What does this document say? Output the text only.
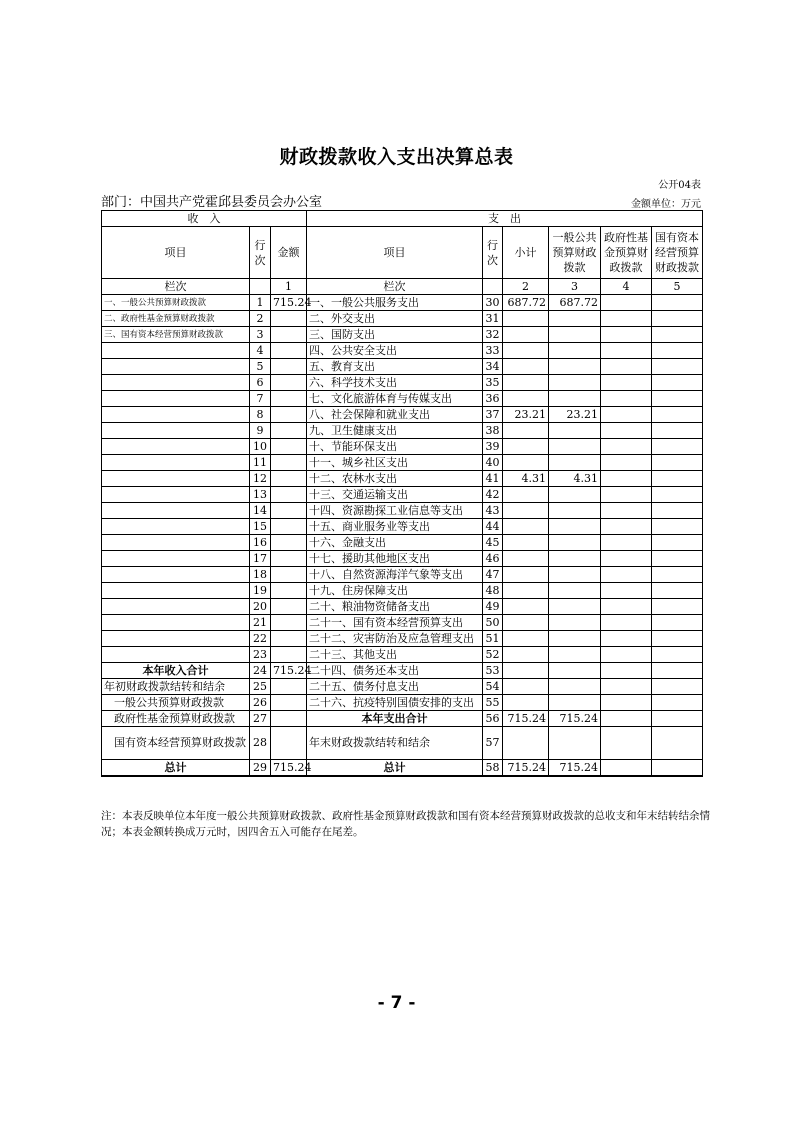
财政拨款收入支出决算总表
公开04表
部门：中国共产党霍邱县委员会办公室	金额单位：万元
收　入			支　出					
项目	行次	金额	项目	行次	小计	一般公共预算财政拨款	政府性基金预算财政拨款	国有资本经营预算财政拨款
栏次		1	栏次		2	3	4	5
一、一般公共预算财政拨款	1	715.24	一、一般公共服务支出	30	687.72	687.72		
二、政府性基金预算财政拨款	2		二、外交支出	31				
三、国有资本经营预算财政拨款	3		三、国防支出	32				
	4		四、公共安全支出	33				
	5		五、教育支出	34				
	6		六、科学技术支出	35				
	7		七、文化旅游体育与传媒支出	36				
	8		八、社会保障和就业支出	37	23.21	23.21		
	9		九、卫生健康支出	38				
	10		十、节能环保支出	39				
	11		十一、城乡社区支出	40				
	12		十二、农林水支出	41	4.31	4.31		
	13		十三、交通运输支出	42				
	14		十四、资源勘探工业信息等支出	43				
	15		十五、商业服务业等支出	44				
	16		十六、金融支出	45				
	17		十七、援助其他地区支出	46				
	18		十八、自然资源海洋气象等支出	47				
	19		十九、住房保障支出	48				
	20		二十、粮油物资储备支出	49				
	21		二十一、国有资本经营预算支出	50				
	22		二十二、灾害防治及应急管理支出	51				
	23		二十三、其他支出	52				
本年收入合计	24	715.24	二十四、债务还本支出	53				
年初财政拨款结转和结余	25		二十五、债务付息支出	54				
一般公共预算财政拨款	26		二十六、抗疫特别国债安排的支出	55				
政府性基金预算财政拨款	27		本年支出合计	56	715.24	715.24		
国有资本经营预算财政拨款	28		年末财政拨款结转和结余	57				
总计	29	715.24	总计	58	715.24	715.24		
注：本表反映单位本年度一般公共预算财政拨款、政府性基金预算财政拨款和国有资本经营预算财政拨款的总收支和年末结转结余情况；本表金额转换成万元时，因四舍五入可能存在尾差。
- 7 -
